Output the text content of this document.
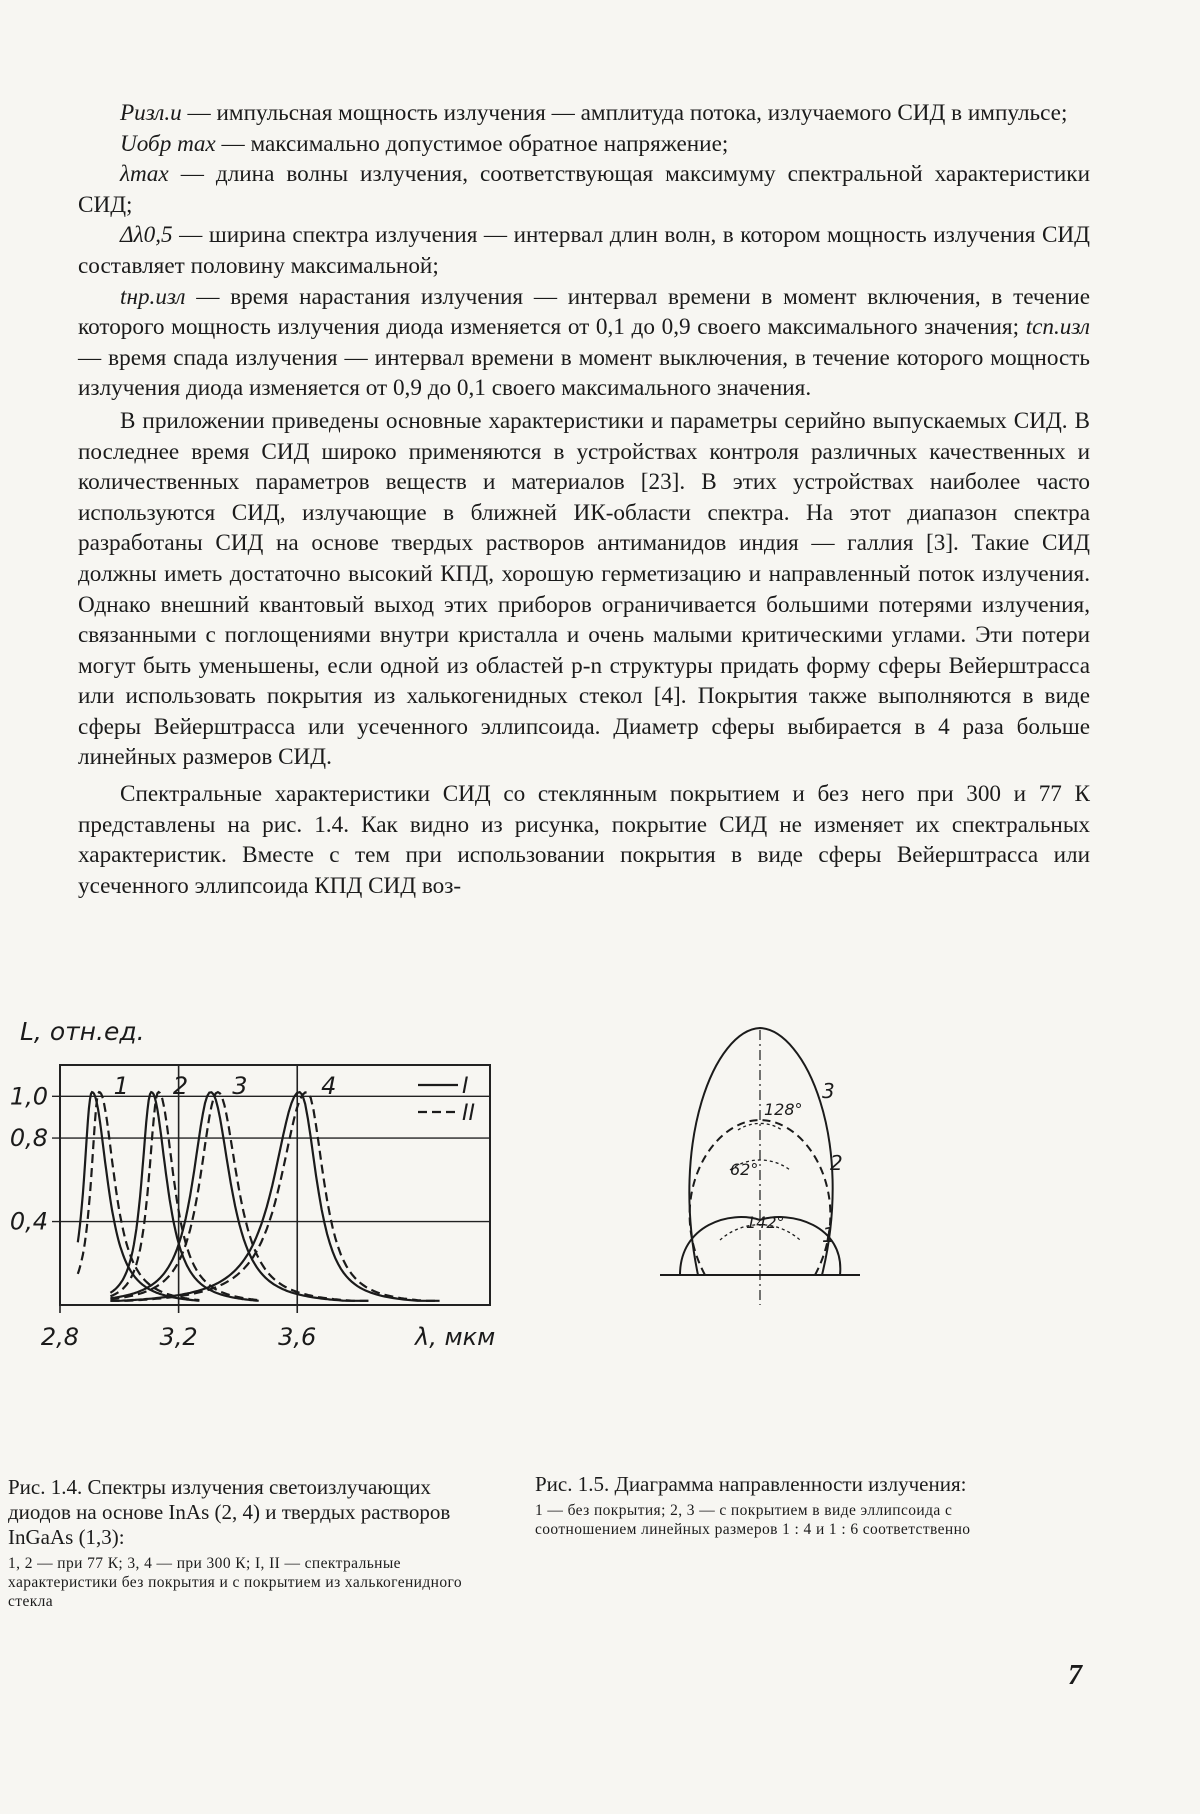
Pизл.и — импульсная мощность излучения — амплитуда потока, излучаемого СИД в импульсе;

Uобр max — максимально допустимое обратное напряжение;

λmax — длина волны излучения, соответствующая максимуму спектральной характеристики СИД;

Δλ0,5 — ширина спектра излучения — интервал длин волн, в котором мощность излучения СИД составляет половину максимальной;

tнр.изл — время нарастания излучения — интервал времени в момент включения, в течение которого мощность излучения диода изменяется от 0,1 до 0,9 своего максимального значения; tсп.изл — время спада излучения — интервал времени в момент выключения, в течение которого мощность излучения диода изменяется от 0,9 до 0,1 своего максимального значения.

В приложении приведены основные характеристики и параметры серийно выпускаемых СИД. В последнее время СИД широко применяются в устройствах контроля различных качественных и количественных параметров веществ и материалов [23]. В этих устройствах наиболее часто используются СИД, излучающие в ближней ИК-области спектра. На этот диапазон спектра разработаны СИД на основе твердых растворов антиманидов индия — галлия [3]. Такие СИД должны иметь достаточно высокий КПД, хорошую герметизацию и направленный поток излучения. Однако внешний квантовый выход этих приборов ограничивается большими потерями излучения, связанными с поглощениями внутри кристалла и очень малыми критическими углами. Эти потери могут быть уменьшены, если одной из областей p-n структуры придать форму сферы Вейерштрасса или использовать покрытия из халькогенидных стекол [4]. Покрытия также выполняются в виде сферы Вейерштрасса или усеченного эллипсоида. Диаметр сферы выбирается в 4 раза больше линейных размеров СИД.

Спектральные характеристики СИД со стеклянным покрытием и без него при 300 и 77 К представлены на рис. 1.4. Как видно из рисунка, покрытие СИД не изменяет их спектральных характеристик. Вместе с тем при использовании покрытия в виде сферы Вейерштрасса или усеченного эллипсоида КПД СИД воз-

2,8	3,2	3,6
1,0
0,8
0,4
L, отн.ед.
λ, мкм
1 2 3	4	I
II	128°
62°
142°
1
2
3
Рис. 1.4. Спектры излучения светоизлучающих диодов на основе InAs (2, 4) и твердых растворов InGaAs (1,3):
1, 2 — при 77 К; 3, 4 — при 300 К; I, II — спектральные характеристики без покрытия и с покрытием из халькогенидного стекла
Рис. 1.5. Диаграмма направленности излучения:
1 — без покрытия; 2, 3 — с покрытием в виде эллипсоида с соотношением линейных размеров 1 : 4 и 1 : 6 соответственно
7
